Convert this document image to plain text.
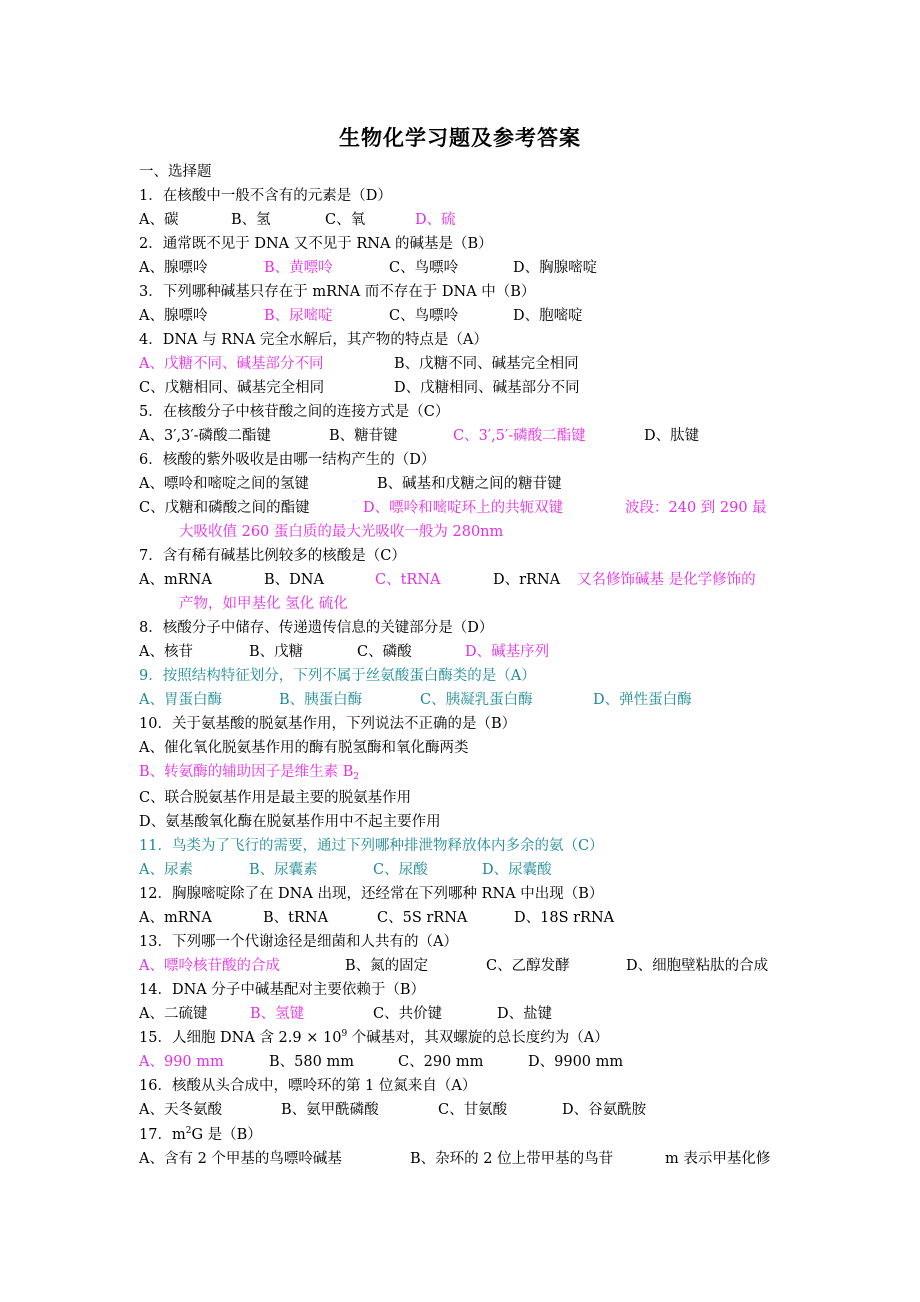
生物化学习题及参考答案
一、选择题
1．在核酸中一般不含有的元素是（D）
A、碳	B、氢	C、氧	D、硫
2．通常既不见于 DNA 又不见于 RNA 的碱基是（B）
A、腺嘌呤	B、黄嘌呤	C、鸟嘌呤	D、胸腺嘧啶
3．下列哪种碱基只存在于 mRNA 而不存在于 DNA 中（B）
A、腺嘌呤	B、尿嘧啶	C、鸟嘌呤	D、胞嘧啶
4．DNA 与 RNA 完全水解后，其产物的特点是（A）
A、戊糖不同、碱基部分不同	B、戊糖不同、碱基完全相同
C、戊糖相同、碱基完全相同	D、戊糖相同、碱基部分不同
5．在核酸分子中核苷酸之间的连接方式是（C）
A、3′,3′-磷酸二酯键	B、糖苷键	C、3′,5′-磷酸二酯键	D、肽键
6．核酸的紫外吸收是由哪一结构产生的（D）
A、嘌呤和嘧啶之间的氢键	B、碱基和戊糖之间的糖苷键
C、戊糖和磷酸之间的酯键	D、嘌呤和嘧啶环上的共轭双键	波段：240 到 290 最
大吸收值 260 蛋白质的最大光吸收一般为 280nm
7．含有稀有碱基比例较多的核酸是（C）
A、mRNA	B、DNA	C、tRNA	D、rRNA 又名修饰碱基 是化学修饰的
产物，如甲基化 氢化 硫化
8．核酸分子中储存、传递遗传信息的关键部分是（D）
A、核苷	B、戊糖	C、磷酸	D、碱基序列
9．按照结构特征划分，下列不属于丝氨酸蛋白酶类的是（A）
A、胃蛋白酶	B、胰蛋白酶	C、胰凝乳蛋白酶	D、弹性蛋白酶
10．关于氨基酸的脱氨基作用，下列说法不正确的是（B）
A、催化氧化脱氨基作用的酶有脱氢酶和氧化酶两类
B、转氨酶的辅助因子是维生素 $B_2$
C、联合脱氨基作用是最主要的脱氨基作用
D、氨基酸氧化酶在脱氨基作用中不起主要作用
11．鸟类为了飞行的需要，通过下列哪种排泄物释放体内多余的氨（C）
A、尿素	B、尿囊素	C、尿酸	D、尿囊酸
12．胸腺嘧啶除了在 DNA 出现，还经常在下列哪种 RNA 中出现（B）
A、mRNA	B、tRNA	C、5S rRNA	D、18S rRNA
13．下列哪一个代谢途径是细菌和人共有的（A）
A、嘌呤核苷酸的合成	B、氮的固定	C、乙醇发酵	D、细胞壁粘肽的合成
14．DNA 分子中碱基配对主要依赖于（B）
A、二硫键	B、氢键	C、共价键	D、盐键
15．人细胞 DNA 含 $2.9 \times 10^9$ 个碱基对，其双螺旋的总长度约为（A）
A、990 mm	B、580 mm	C、290 mm	D、9900 mm
16．核酸从头合成中，嘌呤环的第 1 位氮来自（A）
A、天冬氨酸	B、氨甲酰磷酸	C、甘氨酸	D、谷氨酰胺
17．$m^2G$ 是（B）
A、含有 2 个甲基的鸟嘌呤碱基	B、杂环的 2 位上带甲基的鸟苷	m 表示甲基化修
